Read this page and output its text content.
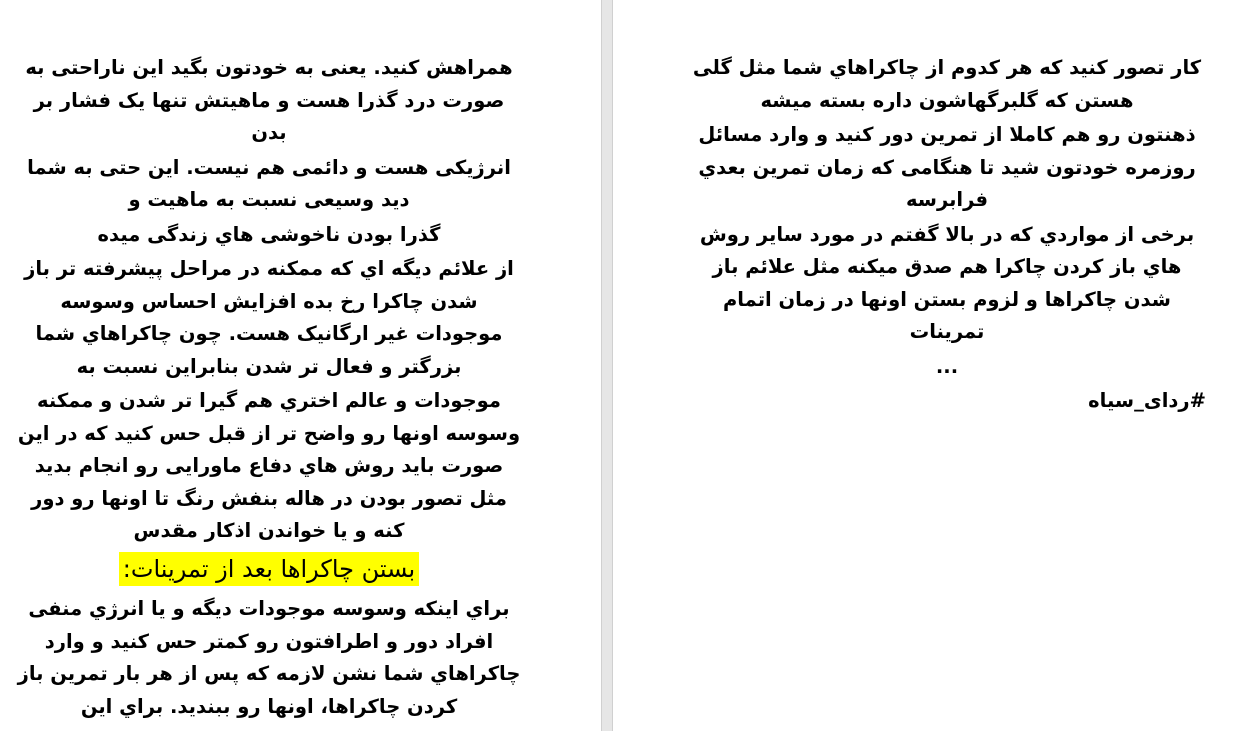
همراهش کنید. یعنی به خودتون بگید این ناراحتی به صورت درد گذرا هست و ماهیتش تنها یک فشار بر بدن

انرژیکی هست و دائمی هم نیست. این حتی به شما دید وسیعی نسبت به ماهیت و

گذرا بودن ناخوشی هاي زندگی میده

از علائم دیگه اي که ممکنه در مراحل پیشرفته تر باز شدن چاکرا رخ بده افزایش احساس وسوسه موجودات غیر ارگانیک هست. چون چاکراهاي شما بزرگتر و فعال تر شدن بنابراین نسبت به

موجودات و عالم اختري هم گیرا تر شدن و ممکنه وسوسه اونها رو واضح تر از قبل حس کنید که در این صورت باید روش هاي دفاع ماورایی رو انجام بدید مثل تصور بودن در هاله بنفش رنگ تا اونها رو دور کنه و یا خواندن اذکار مقدس

بستن چاکراها بعد از تمرینات:

براي اینکه وسوسه موجودات دیگه و یا انرژي منفی افراد دور و اطرافتون رو کمتر حس کنید و وارد چاکراهاي شما نشن لازمه که پس از هر بار تمرین باز کردن چاکراها، اونها رو ببندید. براي این

کار تصور کنید که هر کدوم از چاکراهاي شما مثل گلی هستن که گلبرگهاشون داره بسته میشه

ذهنتون رو هم کاملا از تمرین دور کنید و وارد مسائل روزمره خودتون شید تا هنگامی که زمان تمرین بعدي فرابرسه

برخی از مواردي که در بالا گفتم در مورد سایر روش هاي باز کردن چاکرا هم صدق میکنه مثل علائم باز شدن چاکراها و لزوم بستن اونها در زمان اتمام تمرینات

...

#ردای_سیاه
